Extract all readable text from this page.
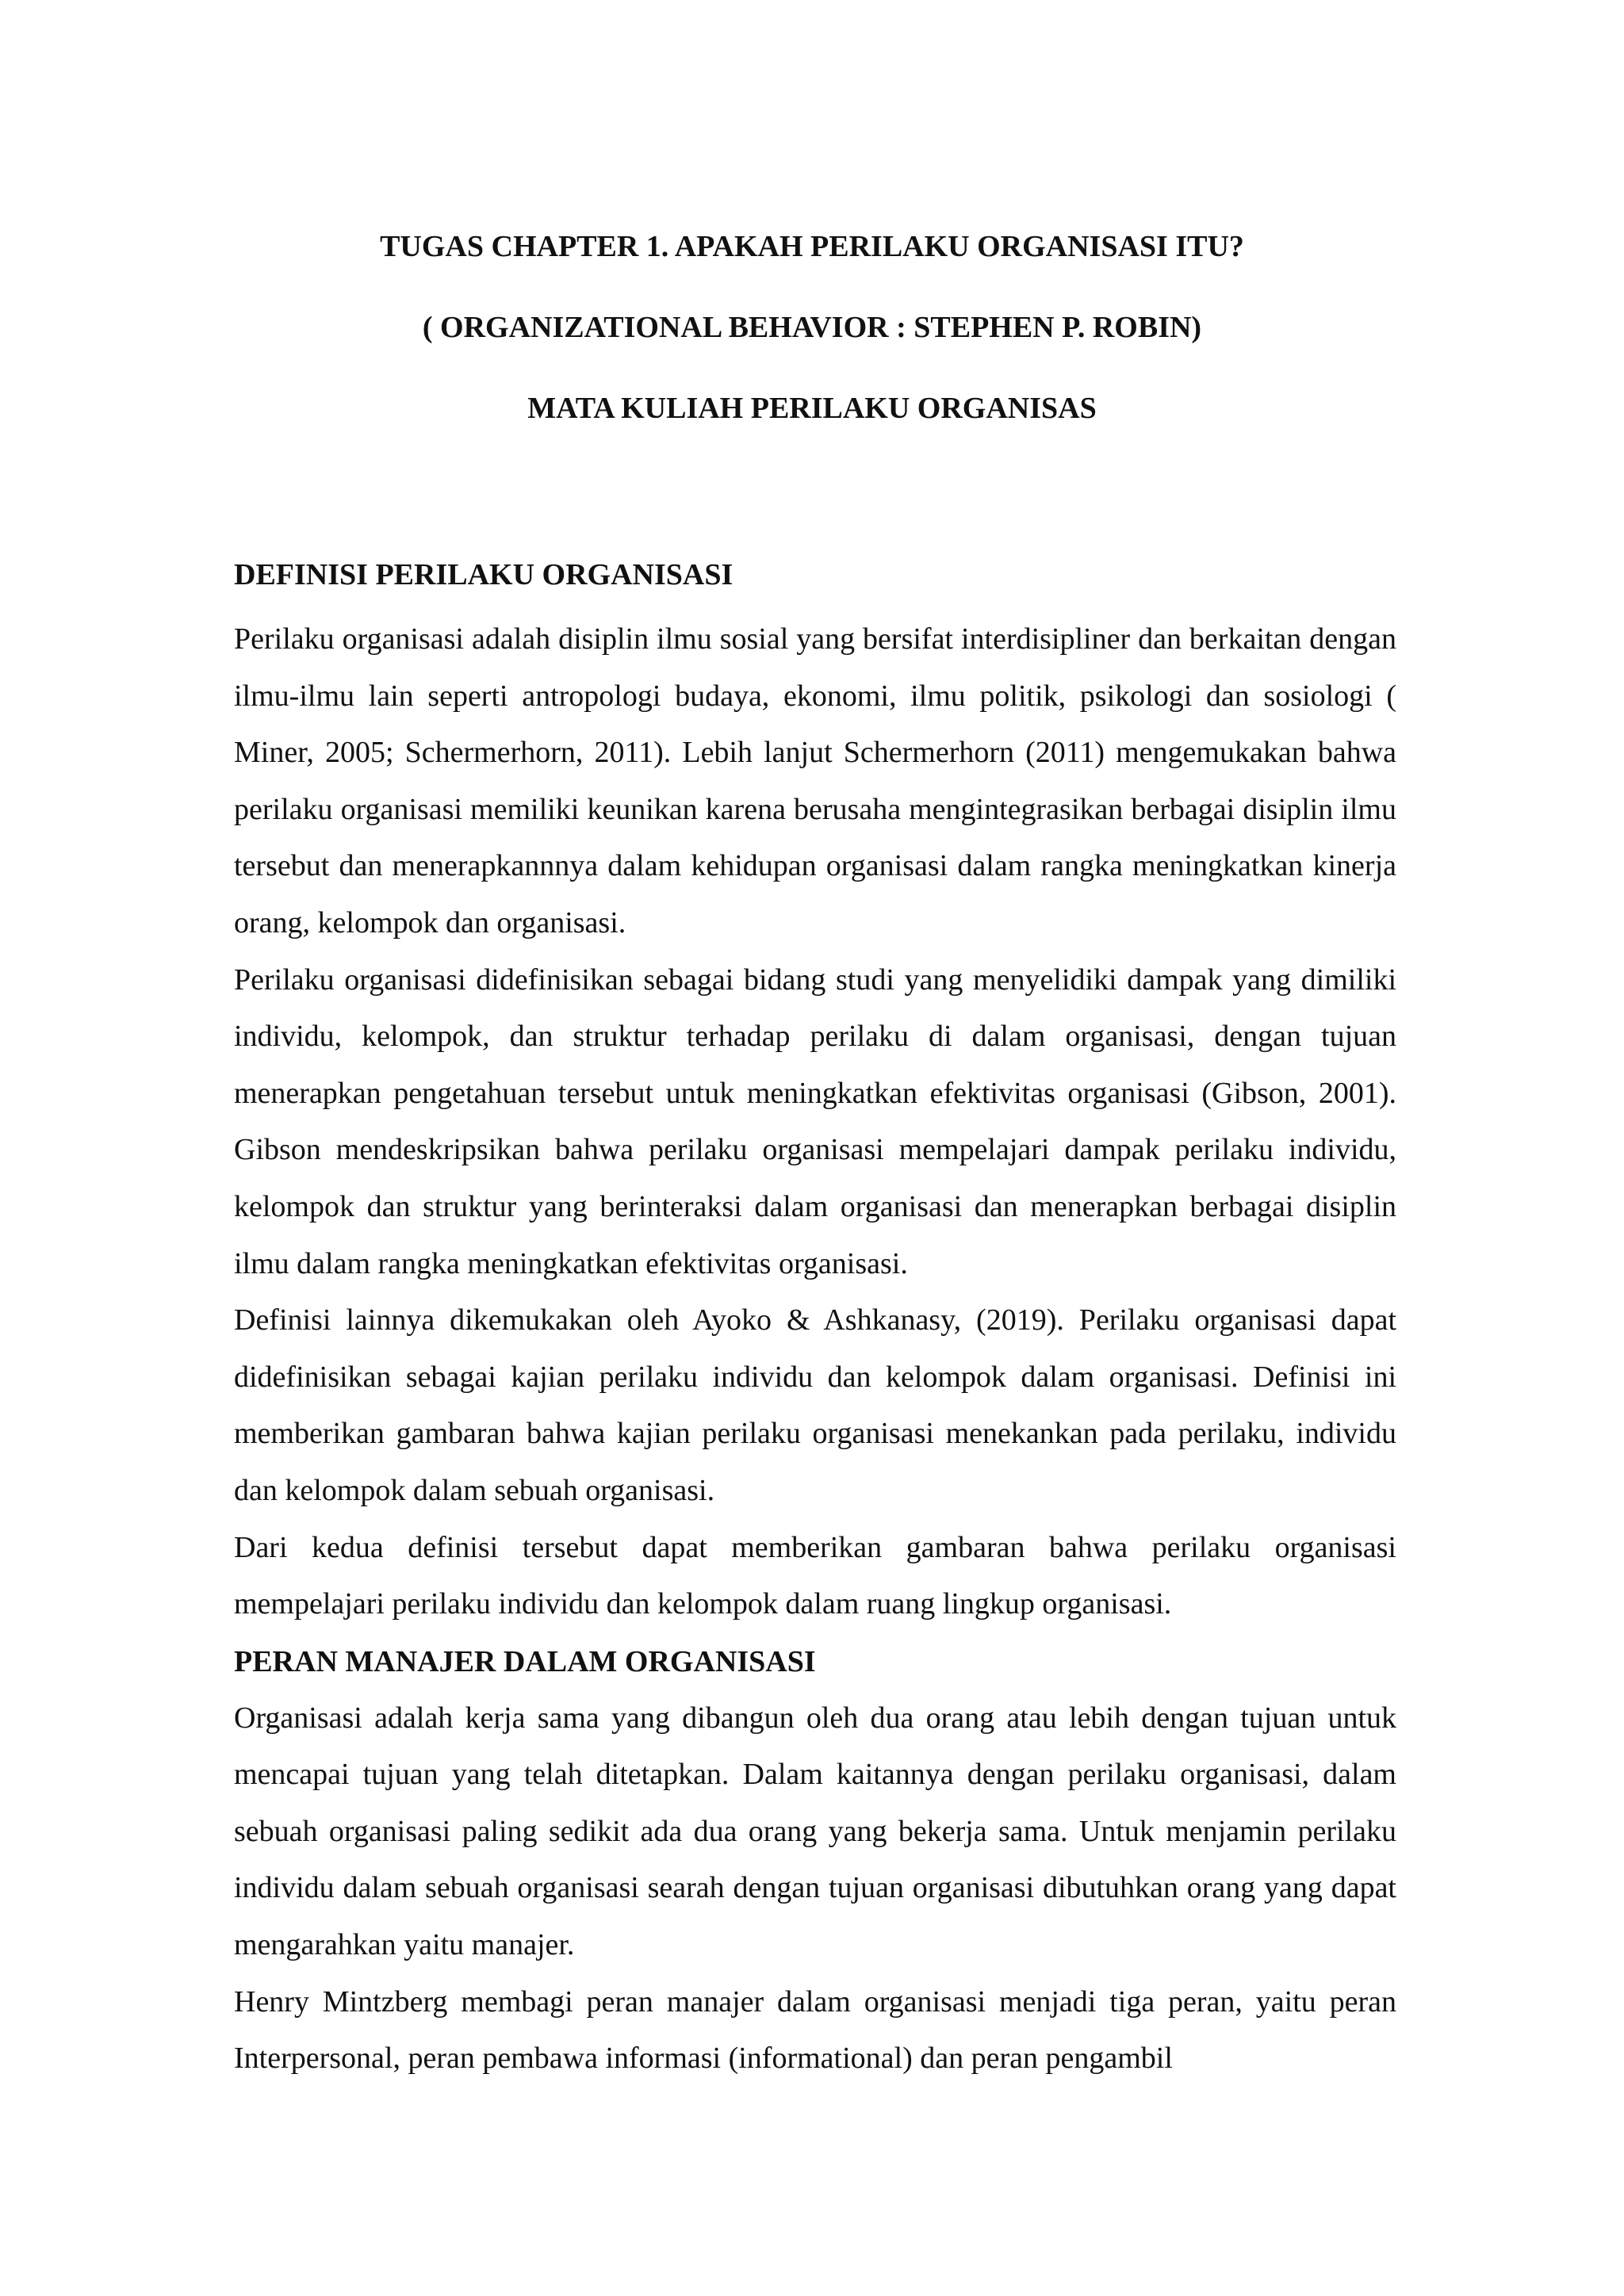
TUGAS CHAPTER 1. APAKAH PERILAKU ORGANISASI ITU?

( ORGANIZATIONAL BEHAVIOR : STEPHEN P. ROBIN)

MATA KULIAH PERILAKU ORGANISAS

DEFINISI PERILAKU ORGANISASI

Perilaku organisasi adalah disiplin ilmu sosial yang bersifat interdisipliner dan berkaitan dengan ilmu-ilmu lain seperti antropologi budaya, ekonomi, ilmu politik, psikologi dan sosiologi ( Miner, 2005; Schermerhorn, 2011). Lebih lanjut Schermerhorn (2011) mengemukakan bahwa perilaku organisasi memiliki keunikan karena berusaha mengintegrasikan berbagai disiplin ilmu tersebut dan menerapkannnya dalam kehidupan organisasi dalam rangka meningkatkan kinerja orang, kelompok dan organisasi.

Perilaku organisasi didefinisikan sebagai bidang studi yang menyelidiki dampak yang dimiliki individu, kelompok, dan struktur terhadap perilaku di dalam organisasi, dengan tujuan menerapkan pengetahuan tersebut untuk meningkatkan efektivitas organisasi (Gibson, 2001). Gibson mendeskripsikan bahwa perilaku organisasi mempelajari dampak perilaku individu, kelompok dan struktur yang berinteraksi dalam organisasi dan menerapkan berbagai disiplin ilmu dalam rangka meningkatkan efektivitas organisasi.

Definisi lainnya dikemukakan oleh Ayoko & Ashkanasy, (2019). Perilaku organisasi dapat didefinisikan sebagai kajian perilaku individu dan kelompok dalam organisasi. Definisi ini memberikan gambaran bahwa kajian perilaku organisasi menekankan pada perilaku, individu dan kelompok dalam sebuah organisasi.

Dari kedua definisi tersebut dapat memberikan gambaran bahwa perilaku organisasi mempelajari perilaku individu dan kelompok dalam ruang lingkup organisasi.

PERAN MANAJER DALAM ORGANISASI

Organisasi adalah kerja sama yang dibangun oleh dua orang atau lebih dengan tujuan untuk mencapai tujuan yang telah ditetapkan. Dalam kaitannya dengan perilaku organisasi, dalam sebuah organisasi paling sedikit ada dua orang yang bekerja sama. Untuk menjamin perilaku individu dalam sebuah organisasi searah dengan tujuan organisasi dibutuhkan orang yang dapat mengarahkan yaitu manajer.

Henry Mintzberg membagi peran manajer dalam organisasi menjadi tiga peran, yaitu peran Interpersonal, peran pembawa informasi (informational) dan peran pengambil
